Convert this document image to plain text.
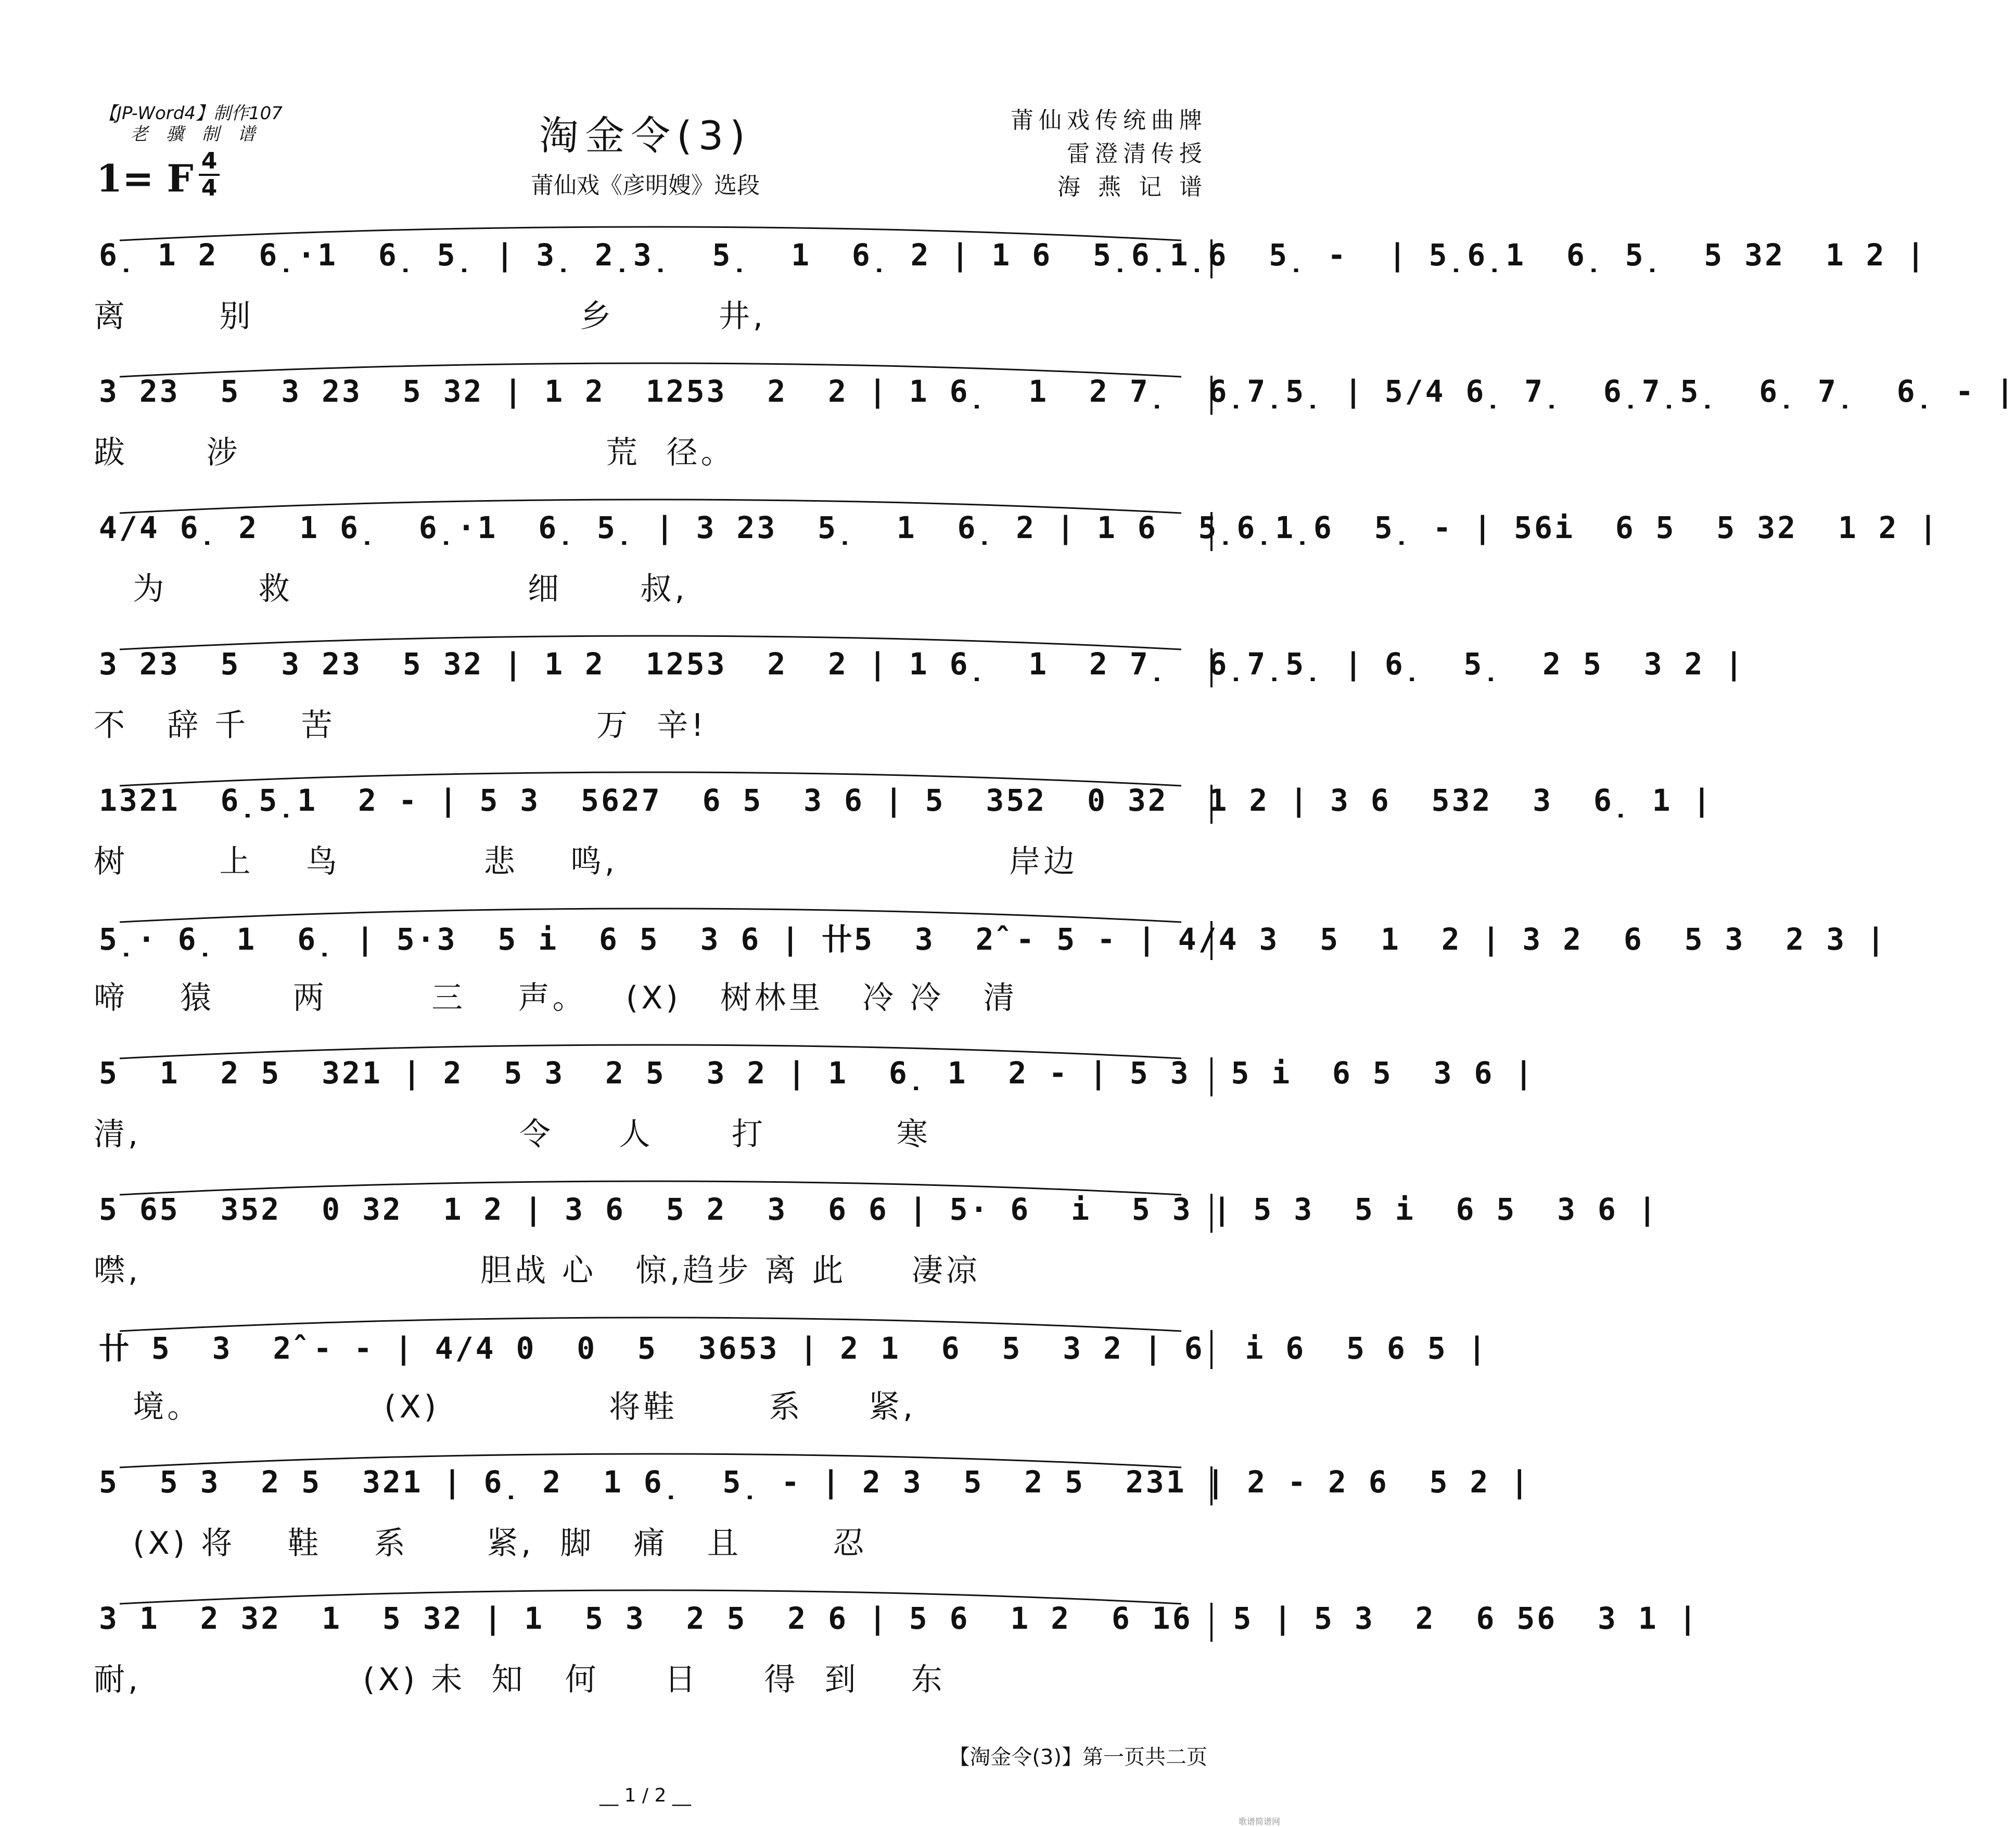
【JP-Word4】制作107
老 骥 制 谱
1= F 4
4
淘金令(3)
莆仙戏《彦明嫂》选段
莆仙戏传统曲牌
雷澄清传授
海 燕 记 谱
6̣ 1 2  6̣·1  6̣ 5̣ | 3̣ 2̣3̣  5̣  1  6̣ 2 | 1 6  5̣6̣1̣6  5̣ -  | 5̣6̣1  6̣ 5̣  5 32  1 2 |
离       别                         乡        井,
3 23  5  3 23  5 32 | 1 2  1253  2  2 | 1 6̣  1  2 7̣  6̣7̣5̣ | 5/4 6̣ 7̣  6̣7̣5̣  6̣ 7̣  6̣ - |
跋      涉                            荒  径。
4/4 6̣ 2  1 6̣  6̣·1  6̣ 5̣ | 3 23  5̣  1  6̣ 2 | 1 6  5̣6̣1̣6  5̣ - | 56i  6 5  5 32  1 2 |
为       救                  细      叔,
3 23  5  3 23  5 32 | 1 2  1253  2  2 | 1 6̣  1  2 7̣  6̣7̣5̣ | 6̣  5̣  2 5  3 2 |
不   辞 千    苦                    万  辛!
1321  6̣5̣1  2 - | 5 3  5627  6 5  3 6 | 5  352  0 32  1 2 | 3 6  532  3  6̣ 1 |
树       上    鸟           悲    鸣,                              岸边
5̣· 6̣ 1  6̣ | 5·3  5 i  6 5  3 6 | 卄5  3  2̂ - 5 - | 4/4 3  5  1  2 | 3 2  6  5 3  2 3 |
啼    猿      两        三    声。   (X)   树林里   冷 冷   清
5  1  2 5  321 | 2  5 3  2 5  3 2 | 1  6̣ 1  2 - | 5 3  5 i  6 5  3 6 |
清,                             令     人      打          寒
5 65  352  0 32  1 2 | 3 6  5 2  3  6 6 | 5· 6  i  5 3 | 5 3  5 i  6 5  3 6 |
噤,                          胆战 心   惊,趋步 离 此     凄凉
卄 5  3  2̂ - - | 4/4 0  0  5  3653 | 2 1  6  5  3 2 | 6  i 6  5 6 5 |
境。              (X)             将鞋       系     紧,
5  5 3  2 5  321 | 6̣ 2  1 6̣  5̣ - | 2 3  5  2 5  231 | 2 - 2 6  5 2 |
(X) 将    鞋    系      紧,  脚   痛   且       忍
3 1  2 32  1  5 32 | 1  5 3  2 5  2 6 | 5 6  1 2  6 16  5 | 5 3  2  6 56  3 1 |
耐,                 (X) 未  知   何     日     得  到    东
【淘金令(3)】第一页共二页
__ 1 / 2 __
歌谱简谱网
